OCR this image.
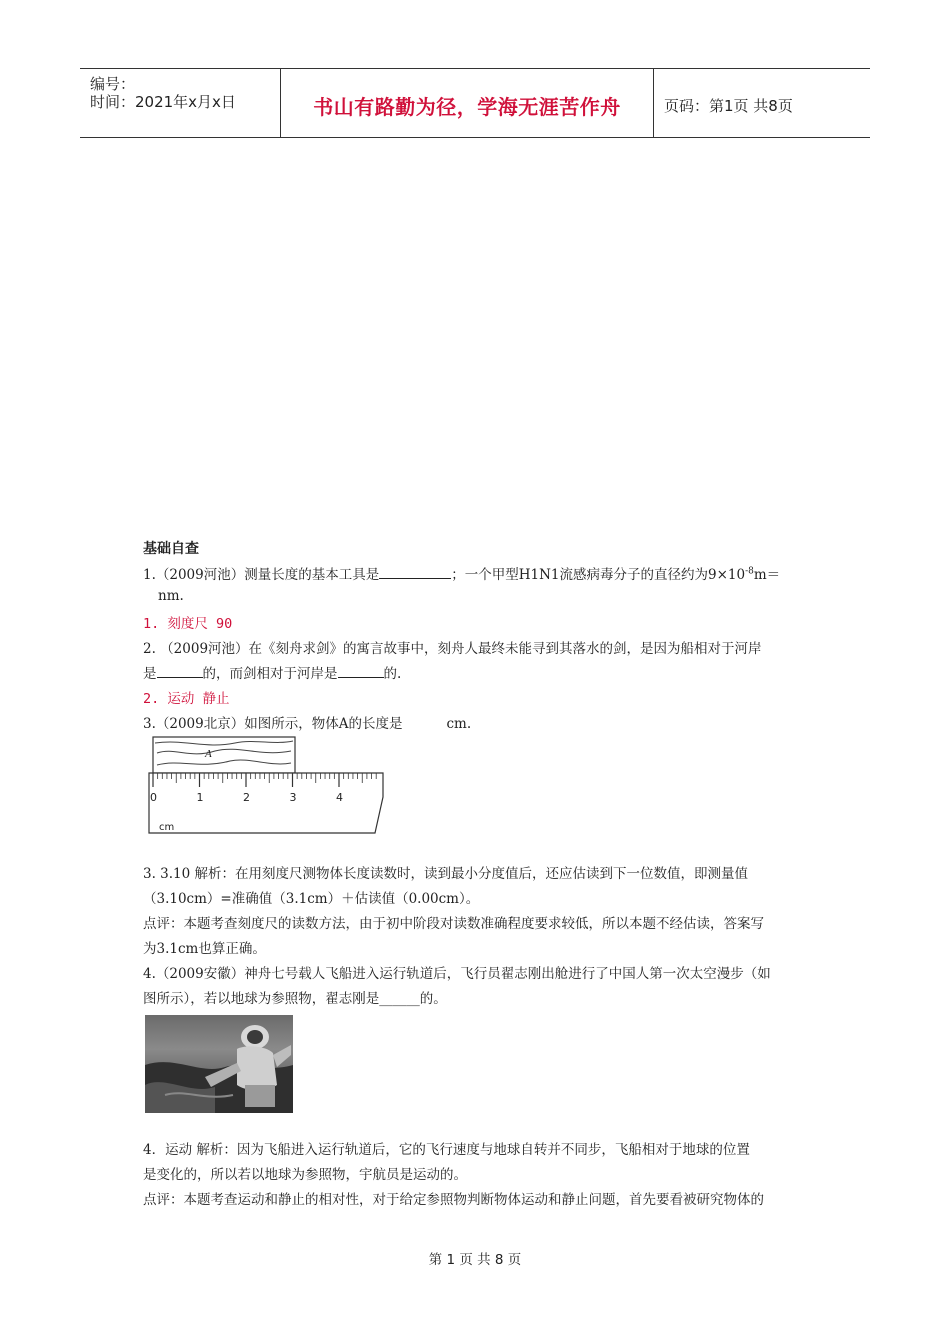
编号：
时间：2021年x月x日	书山有路勤为径，学海无涯苦作舟	页码：第1页 共8页
基础自查
1.（2009河池）测量长度的基本工具是	；一个甲型H1N1流感病毒分子的直径约为$9\times 10^{-8}m=$
nm.
1. 刻度尺 90
2. （2009河池）在《刻舟求剑》的寓言故事中，刻舟人最终未能寻到其落水的剑，是因为船相对于河岸
是	的，而剑相对于河岸是	的.
2. 运动 静止
3.（2009北京）如图所示，物体A的长度是	cm.
A
0	1	2	3	4
cm
3. 3.10 解析：在用刻度尺测物体长度读数时，读到最小分度值后，还应估读到下一位数值，即测量值
（3.10cm）=准确值（3.1cm）＋估读值（0.00cm）。
点评：本题考查刻度尺的读数方法，由于初中阶段对读数准确程度要求较低，所以本题不经估读，答案写
为3.1cm也算正确。
4.（2009安徽）神舟七号载人飞船进入运行轨道后，飞行员翟志刚出舱进行了中国人第一次太空漫步（如
图所示），若以地球为参照物，翟志刚是______的。
4．运动 解析：因为飞船进入运行轨道后，它的飞行速度与地球自转并不同步，飞船相对于地球的位置
是变化的，所以若以地球为参照物，宇航员是运动的。
点评：本题考查运动和静止的相对性，对于给定参照物判断物体运动和静止问题，首先要看被研究物体的
第 1 页 共 8 页
